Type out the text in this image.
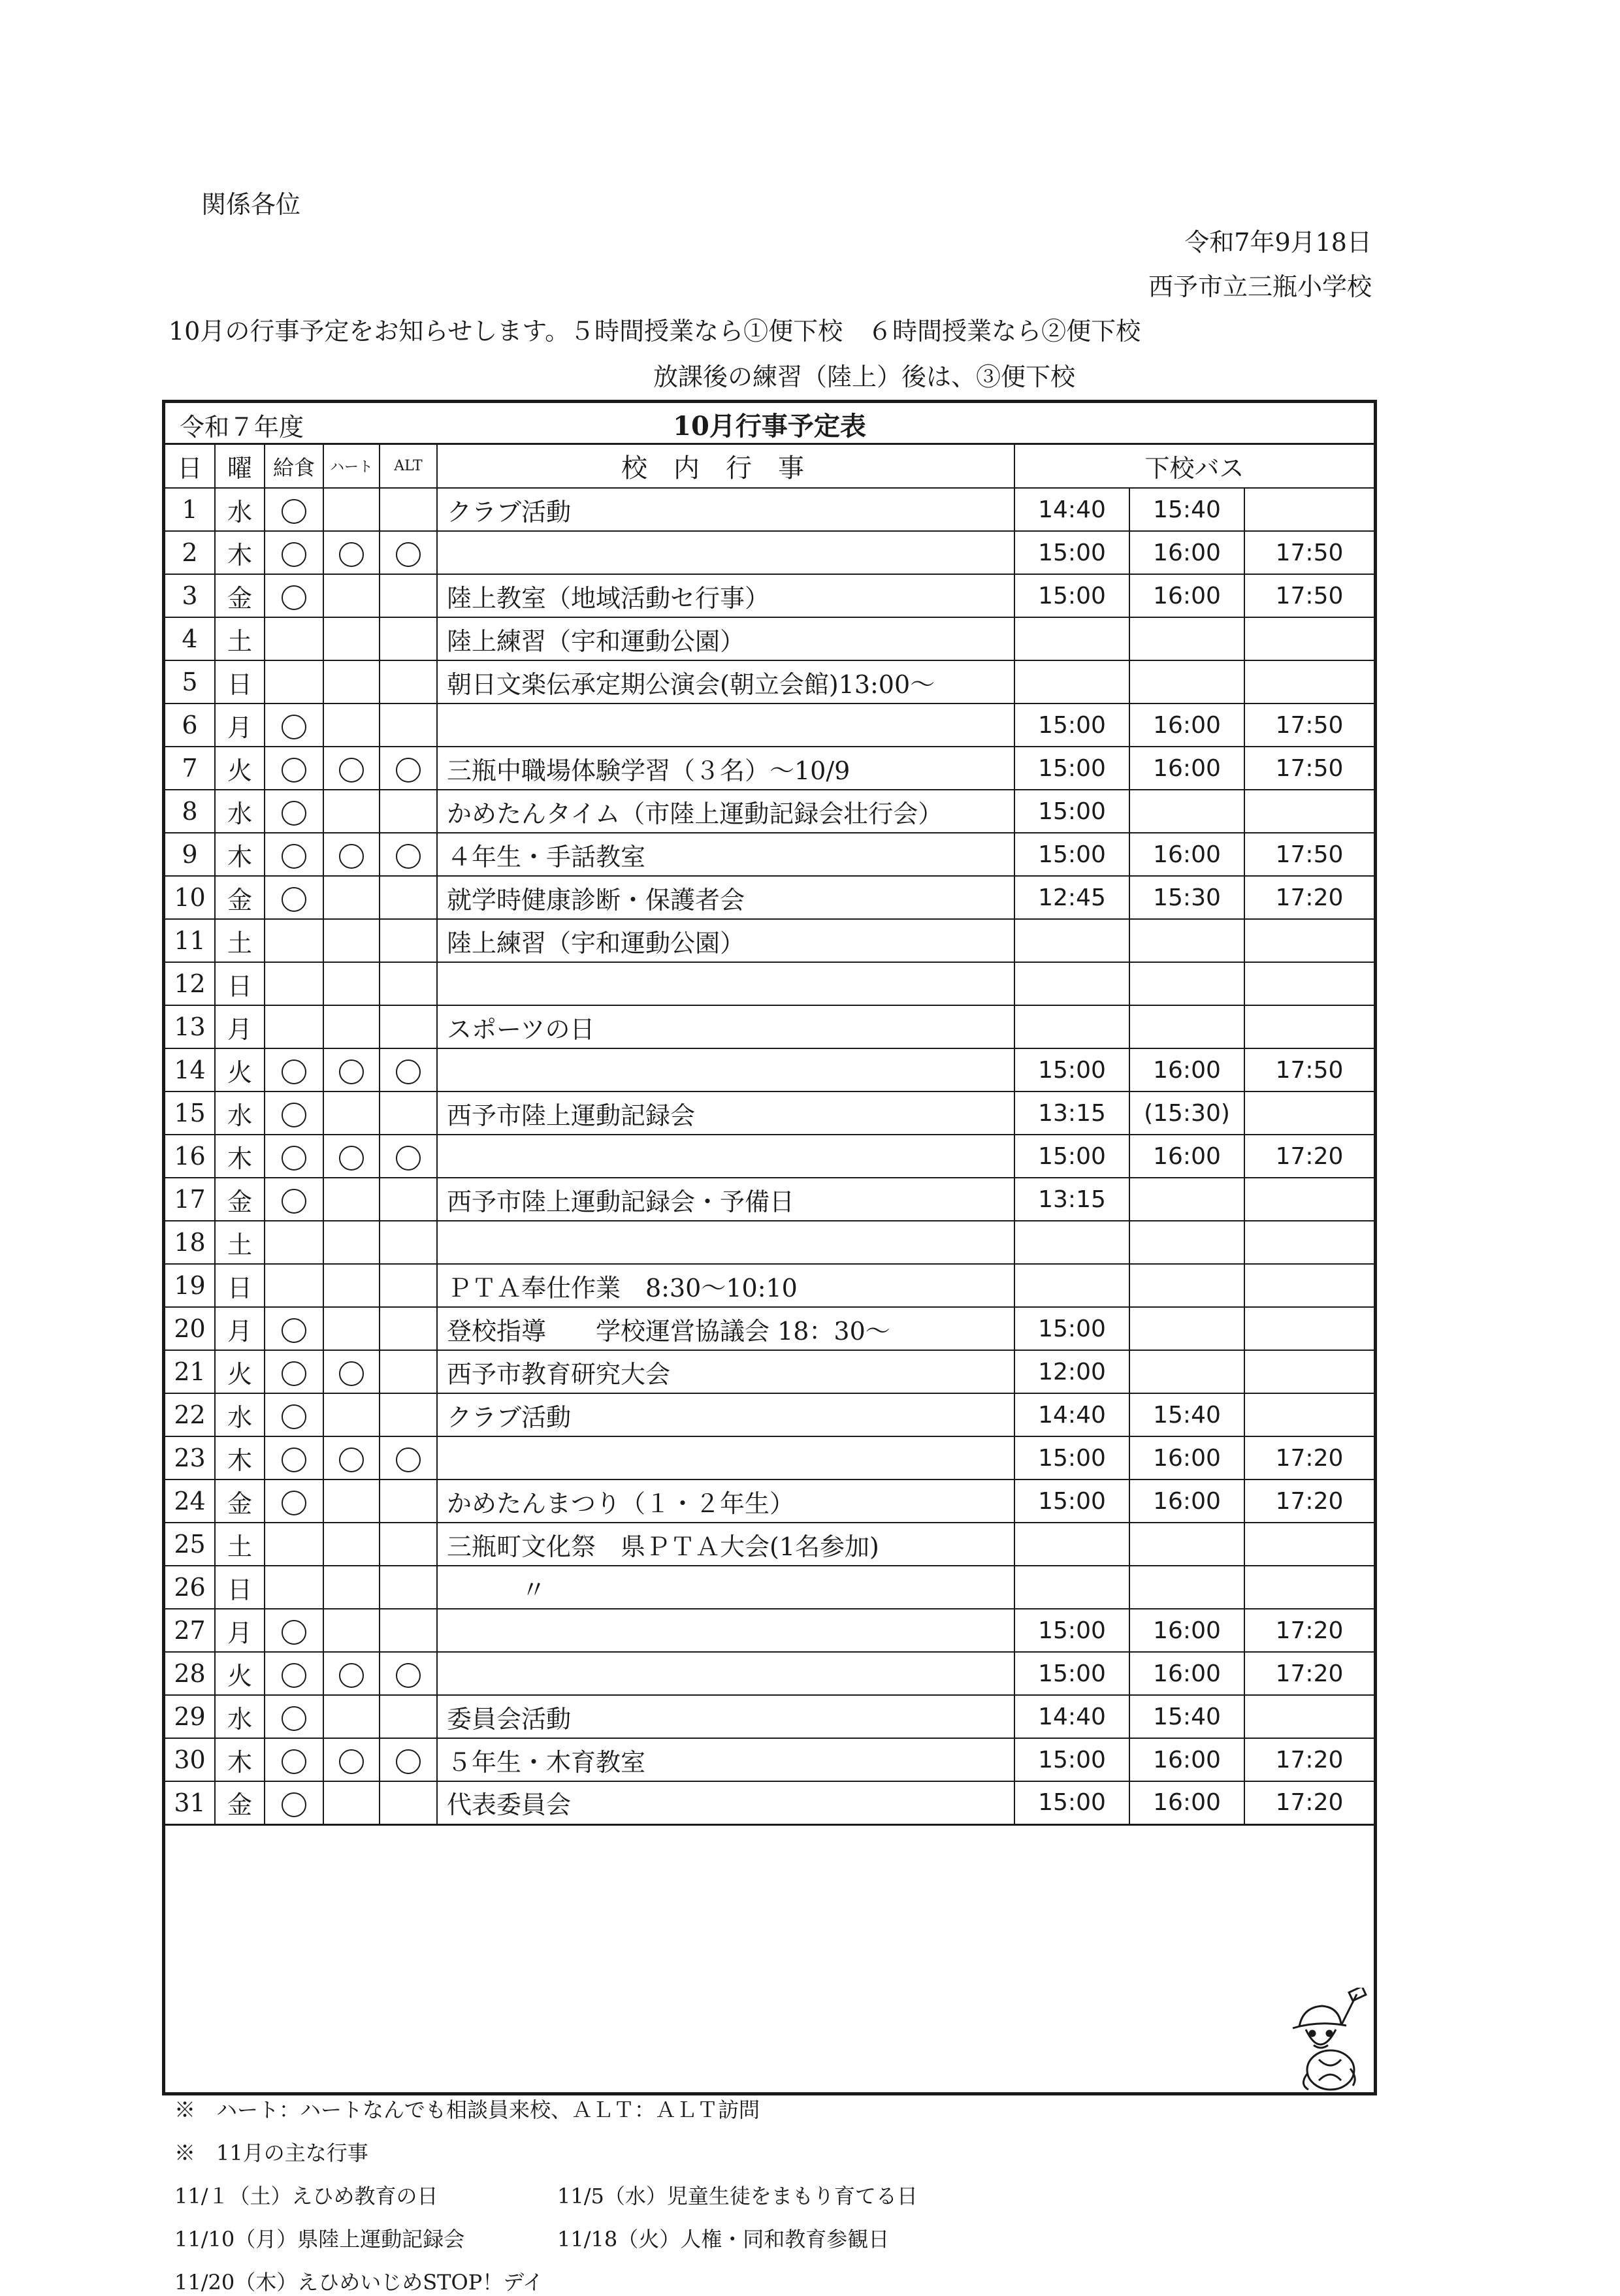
関係各位
令和7年9月18日
西予市立三瓶小学校
10月の行事予定をお知らせします。５時間授業なら①便下校　６時間授業なら②便下校
放課後の練習（陸上）後は、③便下校
令和７年度	10月行事予定表
日	曜	給食	ハート	ALT	校内行事	下校バス		
1	水				クラブ活動	14:40	15:40	
2	木					15:00	16:00	17:50
3	金				陸上教室（地域活動セ行事）	15:00	16:00	17:50
4	土				陸上練習（宇和運動公園）			
5	日				朝日文楽伝承定期公演会(朝立会館)13:00～			
6	月					15:00	16:00	17:50
7	火				三瓶中職場体験学習（３名）～10/9	15:00	16:00	17:50
8	水				かめたんタイム（市陸上運動記録会壮行会）	15:00		
9	木				４年生・手話教室	15:00	16:00	17:50
10	金				就学時健康診断・保護者会	12:45	15:30	17:20
11	土				陸上練習（宇和運動公園）			
12	日							
13	月				スポーツの日			
14	火					15:00	16:00	17:50
15	水				西予市陸上運動記録会	13:15	(15:30)	
16	木					15:00	16:00	17:20
17	金				西予市陸上運動記録会・予備日	13:15		
18	土							
19	日				ＰＴＡ奉仕作業　8:30～10:10			
20	月				登校指導　　学校運営協議会 18：30～	15:00		
21	火				西予市教育研究大会	12:00		
22	水				クラブ活動	14:40	15:40	
23	木					15:00	16:00	17:20
24	金				かめたんまつり（１・２年生）	15:00	16:00	17:20
25	土				三瓶町文化祭　県ＰＴＡ大会(1名参加)			
26	日				　　　〃			
27	月					15:00	16:00	17:20
28	火					15:00	16:00	17:20
29	水				委員会活動	14:40	15:40	
30	木				５年生・木育教室	15:00	16:00	17:20
31	金				代表委員会	15:00	16:00	17:20
※　ハート：ハートなんでも相談員来校、ＡＬＴ：ＡＬＴ訪問
※　11月の主な行事
11/１（土）えひめ教育の日	11/5（水）児童生徒をまもり育てる日
11/10（月）県陸上運動記録会	11/18（火）人権・同和教育参観日
11/20（木）えひめいじめSTOP！デイ
